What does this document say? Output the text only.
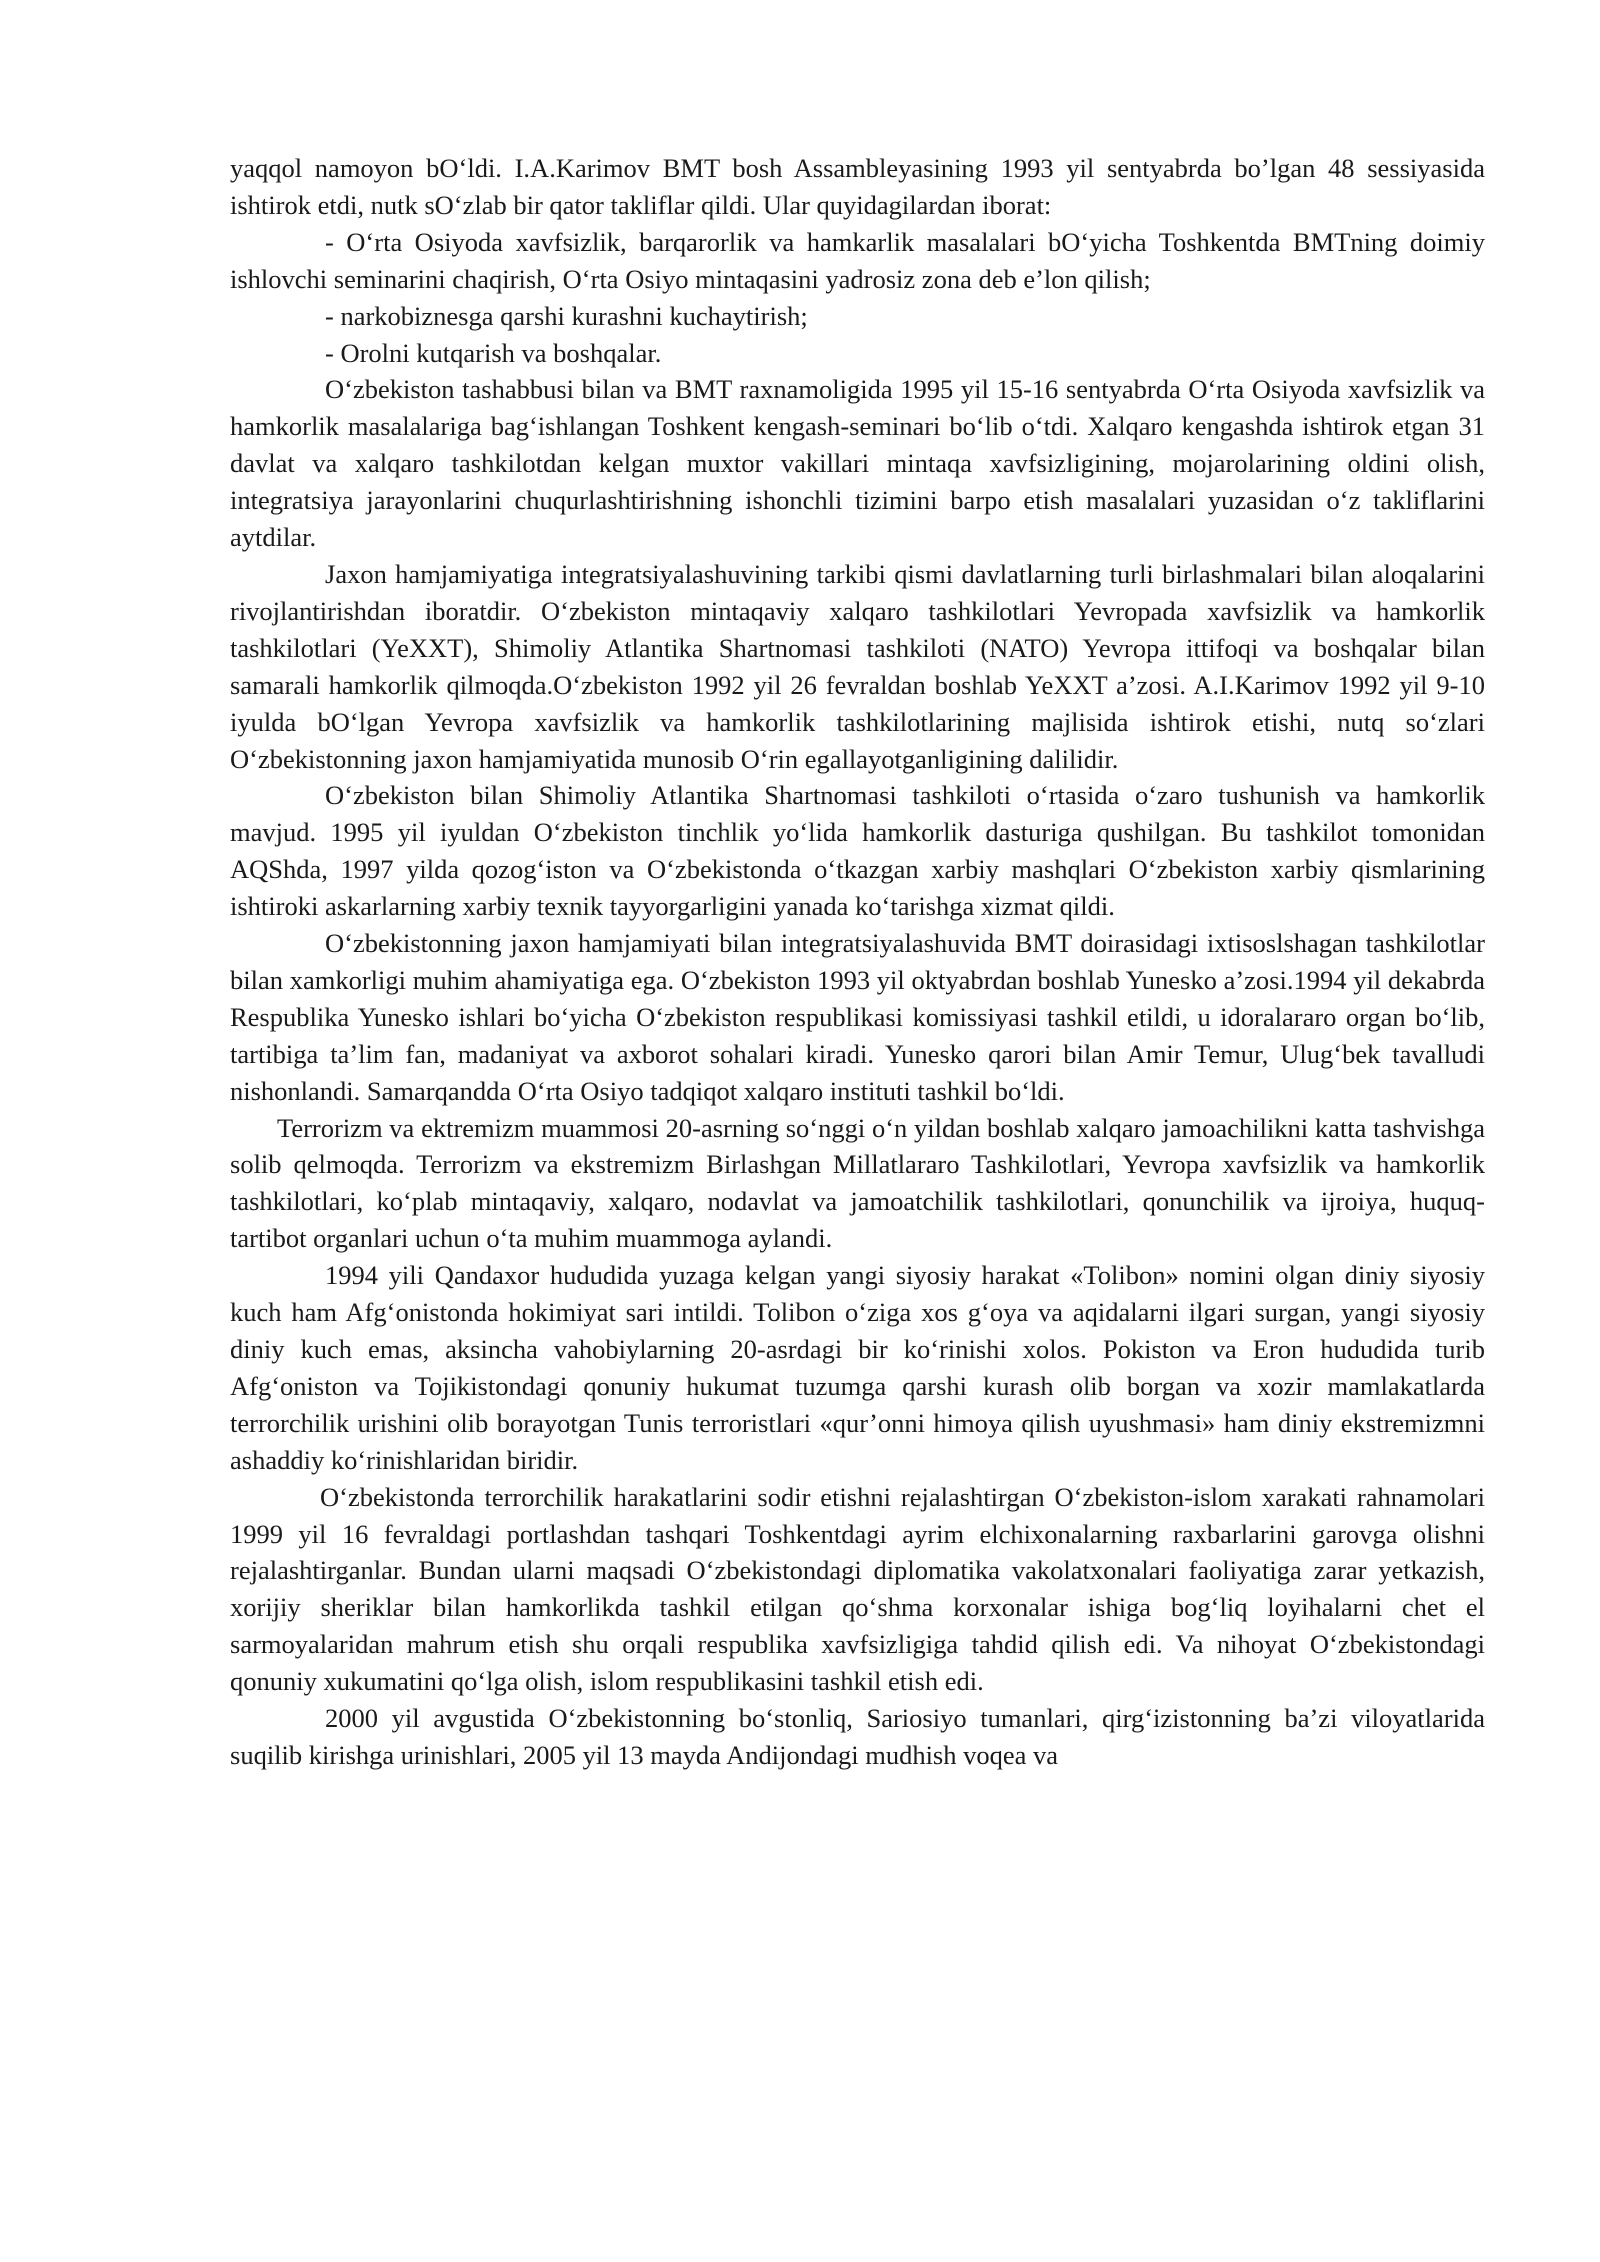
yaqqol namoyon bO‘ldi. I.A.Karimov BMT bosh Assambleyasining 1993 yil sentyabrda bo’lgan 48 sessiyasida ishtirok etdi, nutk sO‘zlab bir qator takliflar qildi. Ular quyidagilardan iborat:

- O‘rta Osiyoda xavfsizlik, barqarorlik va hamkarlik masalalari bO‘yicha Toshkentda BMTning doimiy ishlovchi seminarini chaqirish, O‘rta Osiyo mintaqasini yadrosiz zona deb e’lon qilish;

- narkobiznesga qarshi kurashni kuchaytirish;

- Orolni kutqarish va boshqalar.

O‘zbekiston tashabbusi bilan va BMT raxnamoligida 1995 yil 15-16 sentyabrda O‘rta Osiyoda xavfsizlik va hamkorlik masalalariga bag‘ishlangan Toshkent kengash-seminari bo‘lib o‘tdi. Xalqaro kengashda ishtirok etgan 31 davlat va xalqaro tashkilotdan kelgan muxtor vakillari mintaqa xavfsizligining, mojarolarining oldini olish, integratsiya jarayonlarini chuqurlashtirishning ishonchli tizimini barpo etish masalalari yuzasidan o‘z takliflarini aytdilar.

Jaxon hamjamiyatiga integratsiyalashuvining tarkibi qismi davlatlarning turli birlashmalari bilan aloqalarini rivojlantirishdan iboratdir. O‘zbekiston mintaqaviy xalqaro tashkilotlari Yevropada xavfsizlik va hamkorlik tashkilotlari (YeXXT), Shimoliy Atlantika Shartnomasi tashkiloti (NATO) Yevropa ittifoqi va boshqalar bilan samarali hamkorlik qilmoqda.O‘zbekiston 1992 yil 26 fevraldan boshlab YeXXT a’zosi. A.I.Karimov 1992 yil 9-10 iyulda bO‘lgan Yevropa xavfsizlik va hamkorlik tashkilotlarining majlisida ishtirok etishi, nutq so‘zlari O‘zbekistonning jaxon hamjamiyatida munosib O‘rin egallayotganligining dalilidir.

O‘zbekiston bilan Shimoliy Atlantika Shartnomasi tashkiloti o‘rtasida o‘zaro tushunish va hamkorlik mavjud. 1995 yil iyuldan O‘zbekiston tinchlik yo‘lida hamkorlik dasturiga qushilgan. Bu tashkilot tomonidan AQShda, 1997 yilda qozog‘iston va O‘zbekistonda o‘tkazgan xarbiy mashqlari O‘zbekiston xarbiy qismlarining ishtiroki askarlarning xarbiy texnik tayyorgarligini yanada ko‘tarishga xizmat qildi.

O‘zbekistonning jaxon hamjamiyati bilan integratsiyalashuvida BMT doirasidagi ixtisoslshagan tashkilotlar bilan xamkorligi muhim ahamiyatiga ega. O‘zbekiston 1993 yil oktyabrdan boshlab Yunesko a’zosi.1994 yil dekabrda Respublika Yunesko ishlari bo‘yicha O‘zbekiston respublikasi komissiyasi tashkil etildi, u idoralararo organ bo‘lib, tartibiga ta’lim fan, madaniyat va axborot sohalari kiradi. Yunesko qarori bilan Amir Temur, Ulug‘bek tavalludi nishonlandi. Samarqandda O‘rta Osiyo tadqiqot xalqaro instituti tashkil bo‘ldi.

Terrorizm va ektremizm muammosi 20-asrning so‘nggi o‘n yildan boshlab xalqaro jamoachilikni katta tashvishga solib qelmoqda. Terrorizm va ekstremizm Birlashgan Millatlararo Tashkilotlari, Yevropa xavfsizlik va hamkorlik tashkilotlari, ko‘plab mintaqaviy, xalqaro, nodavlat va jamoatchilik tashkilotlari, qonunchilik va ijroiya, huquq-tartibot organlari uchun o‘ta muhim muammoga aylandi.

1994 yili Qandaxor hududida yuzaga kelgan yangi siyosiy harakat «Tolibon» nomini olgan diniy siyosiy kuch ham Afg‘onistonda hokimiyat sari intildi. Tolibon o‘ziga xos g‘oya va aqidalarni ilgari surgan, yangi siyosiy diniy kuch emas, aksincha vahobiylarning 20-asrdagi bir ko‘rinishi xolos. Pokiston va Eron hududida turib Afg‘oniston va Tojikistondagi qonuniy hukumat tuzumga qarshi kurash olib borgan va xozir mamlakatlarda terrorchilik urishini olib borayotgan Tunis terroristlari «qur’onni himoya qilish uyushmasi» ham diniy ekstremizmni ashaddiy ko‘rinishlaridan biridir.

O‘zbekistonda terrorchilik harakatlarini sodir etishni rejalashtirgan O‘zbekiston-islom xarakati rahnamolari 1999 yil 16 fevraldagi portlashdan tashqari Toshkentdagi ayrim elchixonalarning raxbarlarini garovga olishni rejalashtirganlar. Bundan ularni maqsadi O‘zbekistondagi diplomatika vakolatxonalari faoliyatiga zarar yetkazish, xorijiy sheriklar bilan hamkorlikda tashkil etilgan qo‘shma korxonalar ishiga bog‘liq loyihalarni chet el sarmoyalaridan mahrum etish shu orqali respublika xavfsizligiga tahdid qilish edi. Va nihoyat O‘zbekistondagi qonuniy xukumatini qo‘lga olish, islom respublikasini tashkil etish edi.

2000 yil avgustida O‘zbekistonning bo‘stonliq, Sariosiyo tumanlari, qirg‘izistonning ba’zi viloyatlarida suqilib kirishga urinishlari, 2005 yil 13 mayda Andijondagi mudhish voqea va
